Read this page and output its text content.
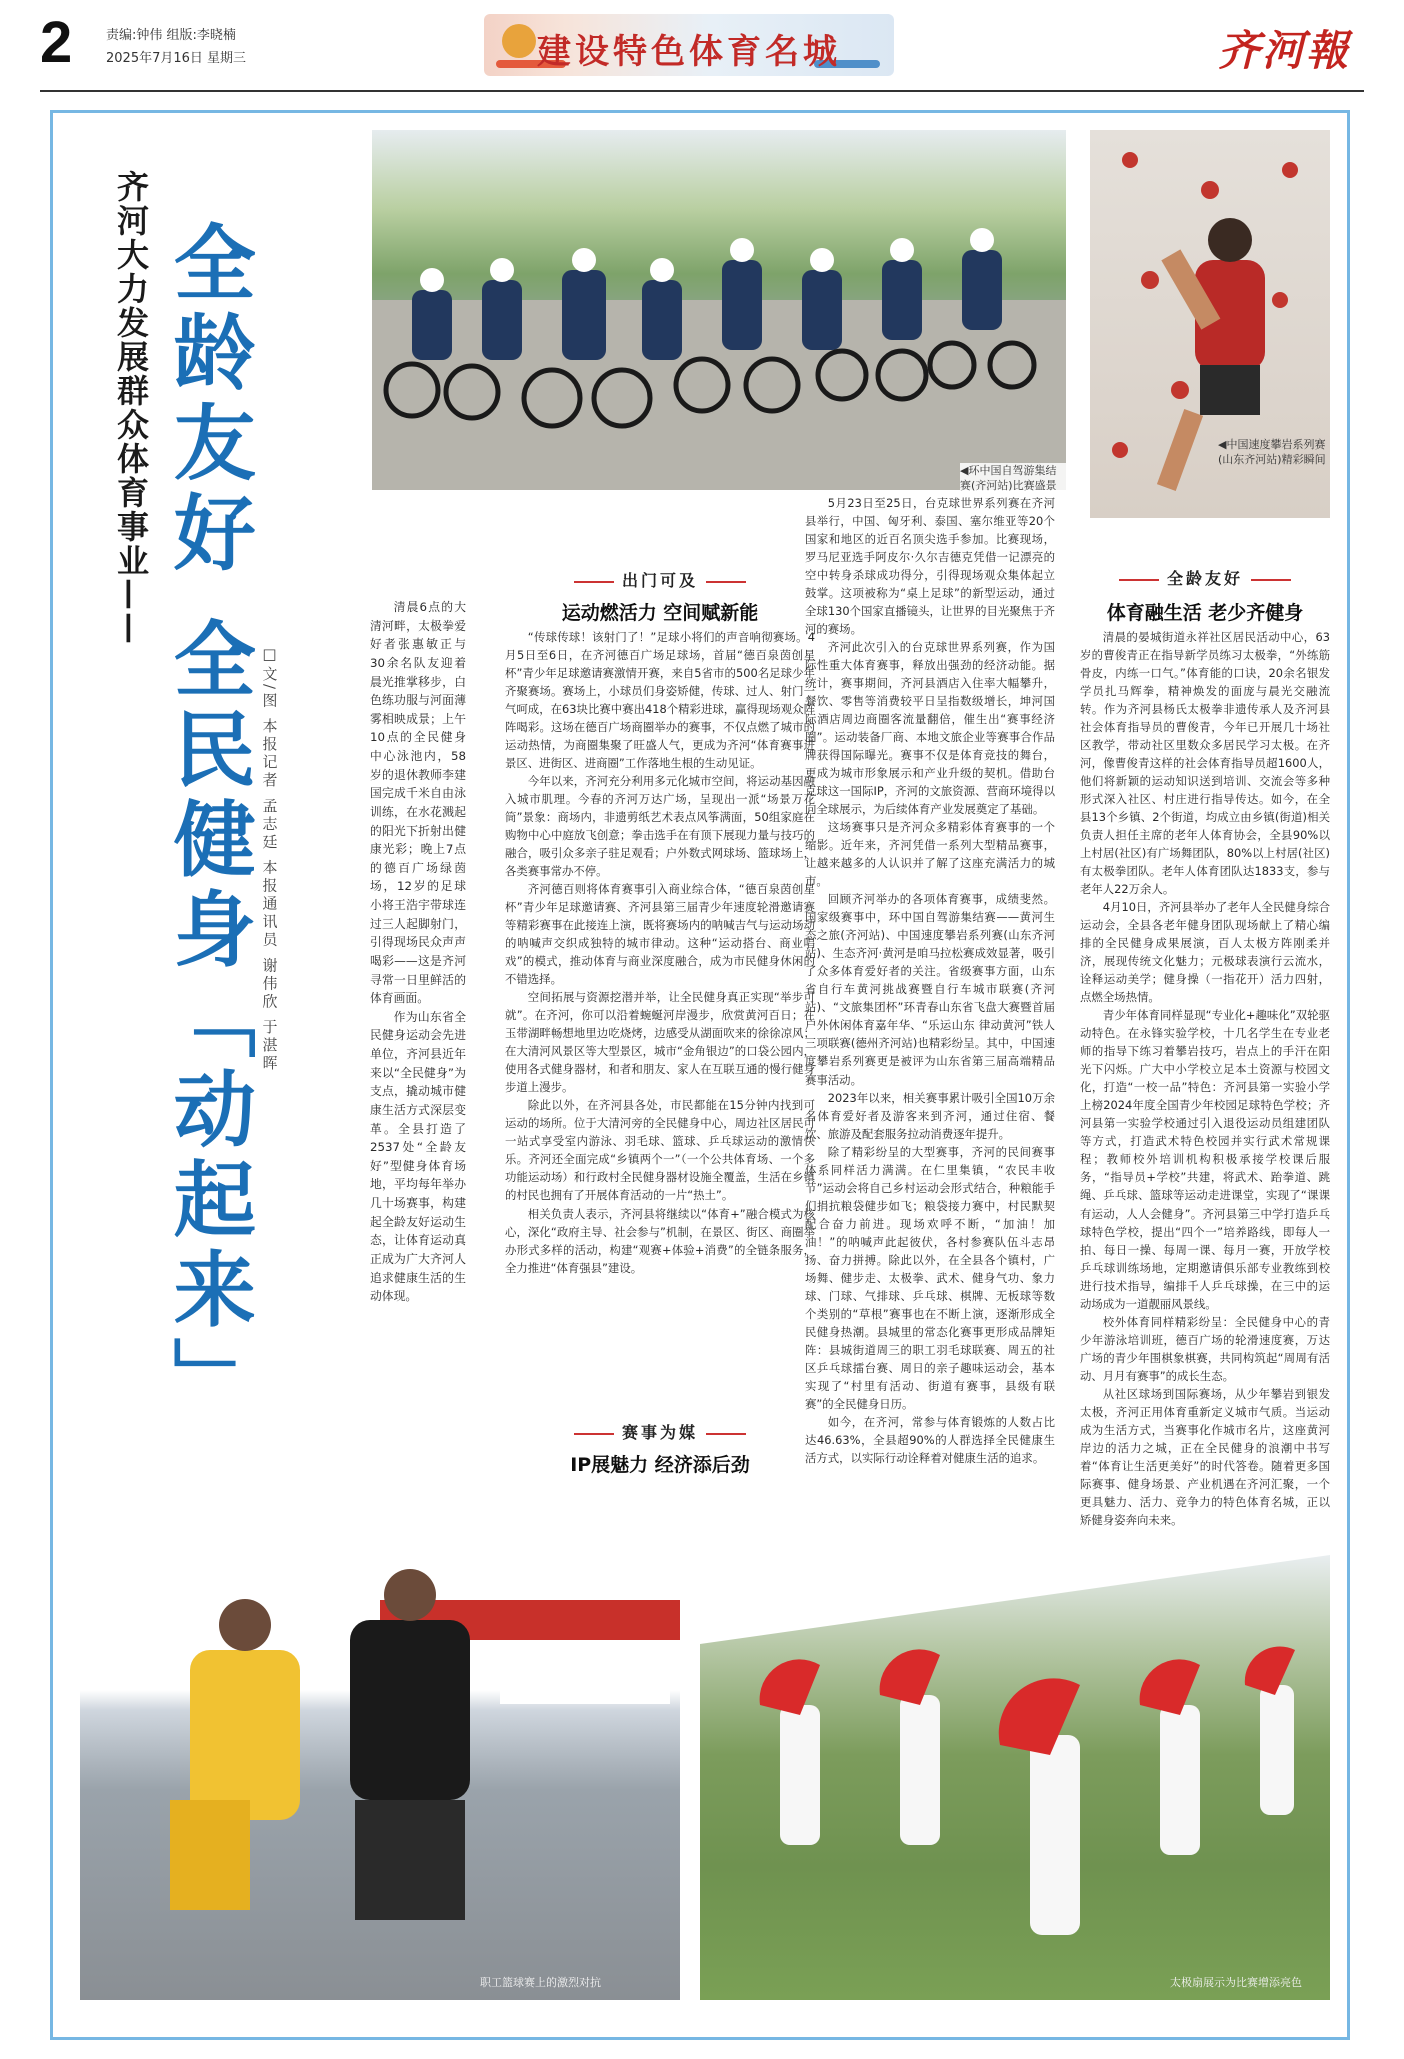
2	责编:钟伟 组版:李晓楠
2025年7月16日 星期三	建设特色体育名城	齐河報
齐河大力发展群众体育事业—— 全龄友好 全民健身「动起来」 □文/图 本报记者 孟志廷 本报通讯员 谢伟欣 于湛晖

清晨6点的大清河畔，太极拳爱好者张惠敏正与30余名队友迎着晨光推掌移步，白色练功服与河面薄雾相映成景；上午10点的全民健身中心泳池内，58岁的退休教师李建国完成千米自由泳训练，在水花溅起的阳光下折射出健康光彩；晚上7点的德百广场绿茵场，12岁的足球小将王浩宇带球连过三人起脚射门，引得现场民众声声喝彩——这是齐河寻常一日里鲜活的体育画面。

作为山东省全民健身运动会先进单位，齐河县近年来以“全民健身”为支点，撬动城市健康生活方式深层变革。全县打造了2537处“全龄友好”型健身体育场地，平均每年举办几十场赛事，构建起全龄友好运动生态，让体育运动真正成为广大齐河人追求健康生活的生动体现。

◀环中国自驾游集结赛(齐河站)比赛盛景
◀中国速度攀岩系列赛(山东齐河站)精彩瞬间
出门可及
运动燃活力 空间赋新能

“传球传球！该射门了！”足球小将们的声音响彻赛场。4月5日至6日，在齐河德百广场足球场，首届“德百泉茵创星杯”青少年足球邀请赛激情开赛，来自5省市的500名足球少年齐聚赛场。赛场上，小球员们身姿矫健，传球、过人、射门一气呵成，在63块比赛中赛出418个精彩进球，赢得现场观众阵阵喝彩。这场在德百广场商圈举办的赛事，不仅点燃了城市的运动热情，为商圈集聚了旺盛人气，更成为齐河“体育赛事进景区、进街区、进商圈”工作落地生根的生动见证。

今年以来，齐河充分利用多元化城市空间，将运动基因融入城市肌理。今春的齐河万达广场，呈现出一派“场景万花筒”景象：商场内，非遗剪纸艺术表点风筝满面，50组家庭在购物中心中庭放飞创意；拳击选手在有顶下展现力量与技巧的融合，吸引众多亲子驻足观看；户外数式网球场、篮球场上，各类赛事常办不停。

齐河德百则将体育赛事引入商业综合体，“德百泉茵创星杯”青少年足球邀请赛、齐河县第三届青少年速度轮滑邀请赛等精彩赛事在此接连上演，既将赛场内的呐喊吉气与运动场动的呐喊声交织成独特的城市律动。这种“运动搭台、商业唱戏”的模式，推动体育与商业深度融合，成为市民健身休闲的不错选择。

空间拓展与资源挖潜并举，让全民健身真正实现“举步可就”。在齐河，你可以沿着蜿蜒河岸漫步，欣赏黄河百日；在玉带湖畔畅想地里边吃烧烤，边感受从湖面吹来的徐徐凉风；在大清河风景区等大型景区，城市“金角银边”的口袋公园内，使用各式健身器材，和者和朋友、家人在互联互通的慢行健身步道上漫步。

除此以外，在齐河县各处，市民都能在15分钟内找到可运动的场所。位于大清河旁的全民健身中心，周边社区居民可一站式享受室内游泳、羽毛球、篮球、乒乓球运动的激情快乐。齐河还全面完成“乡镇两个一”（一个公共体育场、一个多功能运动场）和行政村全民健身器材设施全覆盖，生活在乡镇的村民也拥有了开展体育活动的一片“热土”。

相关负责人表示，齐河县将继续以“体育+”融合模式为核心，深化“政府主导、社会参与”机制，在景区、街区、商圈举办形式多样的活动，构建“观赛+体验+消费”的全链条服务，全力推进“体育强县”建设。

赛事为媒
IP展魅力 经济添后劲

5月23日至25日，台克球世界系列赛在齐河县举行，中国、匈牙利、泰国、塞尔维亚等20个国家和地区的近百名顶尖选手参加。比赛现场，罗马尼亚选手阿皮尔·久尔吉德克凭借一记漂亮的空中转身杀球成功得分，引得现场观众集体起立鼓掌。这项被称为“桌上足球”的新型运动，通过全球130个国家直播镜头，让世界的目光聚焦于齐河的赛场。

齐河此次引入的台克球世界系列赛，作为国际性重大体育赛事，释放出强劲的经济动能。据统计，赛事期间，齐河县酒店入住率大幅攀升，餐饮、零售等消费较平日呈指数级增长，坤河国际酒店周边商圈客流量翻倍，催生出“赛事经济圈”。运动装备厂商、本地文旅企业等赛事合作品牌获得国际曝光。赛事不仅是体育竞技的舞台，更成为城市形象展示和产业升级的契机。借助台克球这一国际IP，齐河的文旅资源、营商环境得以向全球展示，为后续体育产业发展奠定了基础。

这场赛事只是齐河众多精彩体育赛事的一个缩影。近年来，齐河凭借一系列大型精品赛事，让越来越多的人认识并了解了这座充满活力的城市。

回顾齐河举办的各项体育赛事，成绩斐然。国家级赛事中，环中国自驾游集结赛——黄河生态之旅(齐河站)、中国速度攀岩系列赛(山东齐河站)、生态齐河·黄河是咱马拉松赛成效显著，吸引了众多体育爱好者的关注。省级赛事方面，山东省自行车黄河挑战赛暨自行车城市联赛(齐河站)、“文旅集团杯”环青春山东省飞盘大赛暨首届户外休闲体育嘉年华、“乐运山东 律动黄河”铁人三项联赛(德州齐河站)也精彩纷呈。其中，中国速度攀岩系列赛更是被评为山东省第三届高端精品赛事活动。

2023年以来，相关赛事累计吸引全国10万余名体育爱好者及游客来到齐河，通过住宿、餐饮、旅游及配套服务拉动消费逐年提升。

除了精彩纷呈的大型赛事，齐河的民间赛事体系同样活力满满。在仁里集镇，“农民丰收节”运动会将自己乡村运动会形式结合，种粮能手们捐抗粮袋健步如飞；粮袋接力赛中，村民默契配合奋力前进。现场欢呼不断，“加油！加油！”的呐喊声此起彼伏，各村参赛队伍斗志昂扬、奋力拼搏。除此以外，在全县各个镇村，广场舞、健步走、太极拳、武术、健身气功、象力球、门球、气排球、乒乓球、棋牌、无板球等数个类别的“草根”赛事也在不断上演，逐渐形成全民健身热潮。县城里的常态化赛事更形成品牌矩阵：县城街道周三的职工羽毛球联赛、周五的社区乒乓球擂台赛、周日的亲子趣味运动会，基本实现了“村里有活动、街道有赛事，县级有联赛”的全民健身日历。

如今，在齐河，常参与体育锻炼的人数占比达46.63%，全县超90%的人群选择全民健康生活方式，以实际行动诠释着对健康生活的追求。

全龄友好
体育融生活 老少齐健身

清晨的晏城街道永祥社区居民活动中心，63岁的曹俊青正在指导新学员练习太极拳，“外练筋骨皮，内练一口气。”体育能的口诀，20余名银发学员扎马辉拳，精神焕发的面庞与晨光交融流转。作为齐河县杨氏太极拳非遗传承人及齐河县社会体育指导员的曹俊青，今年已开展几十场社区教学，带动社区里数众多居民学习太极。在齐河，像曹俊青这样的社会体育指导员超1600人，他们将新颖的运动知识送到培训、交流会等多种形式深入社区、村庄进行指导传达。如今，在全县13个乡镇、2个街道，均成立由乡镇(街道)相关负责人担任主席的老年人体育协会，全县90%以上村居(社区)有广场舞团队，80%以上村居(社区)有太极拳团队。老年人体育团队达1833支，参与老年人22万余人。

4月10日，齐河县举办了老年人全民健身综合运动会，全县各老年健身团队现场献上了精心编排的全民健身成果展演，百人太极方阵刚柔并济，展现传统文化魅力；元极球表演行云流水，诠释运动美学；健身操（一指花开）活力四射，点燃全场热情。

青少年体育同样显现“专业化+趣味化”双轮驱动特色。在永锋实验学校，十几名学生在专业老师的指导下练习着攀岩技巧，岩点上的手汗在阳光下闪烁。广大中小学校立足本土资源与校园文化，打造“一校一品”特色：齐河县第一实验小学上榜2024年度全国青少年校园足球特色学校；齐河县第一实验学校通过引入退役运动员组建团队等方式，打造武术特色校园并实行武术常规课程；教师校外培训机构积极承接学校课后服务，“指导员+学校”共建，将武术、跆拳道、跳绳、乒乓球、篮球等运动走进课堂，实现了“课课有运动，人人会健身”。齐河县第三中学打造乒乓球特色学校，提出“四个一”培养路线，即每人一拍、每日一操、每周一课、每月一赛，开放学校乒乓球训练场地，定期邀请俱乐部专业教练到校进行技术指导，编排千人乒乓球操，在三中的运动场成为一道靓丽风景线。

校外体育同样精彩纷呈：全民健身中心的青少年游泳培训班，德百广场的轮滑速度赛，万达广场的青少年围棋象棋赛，共同构筑起“周周有活动、月月有赛事”的成长生态。

从社区球场到国际赛场，从少年攀岩到银发太极，齐河正用体育重新定义城市气质。当运动成为生活方式，当赛事化作城市名片，这座黄河岸边的活力之城，正在全民健身的浪潮中书写着“体育让生活更美好”的时代答卷。随着更多国际赛事、健身场景、产业机遇在齐河汇聚，一个更具魅力、活力、竞争力的特色体育名城，正以矫健身姿奔向未来。

职工篮球赛上的激烈对抗	太极扇展示为比赛增添亮色
